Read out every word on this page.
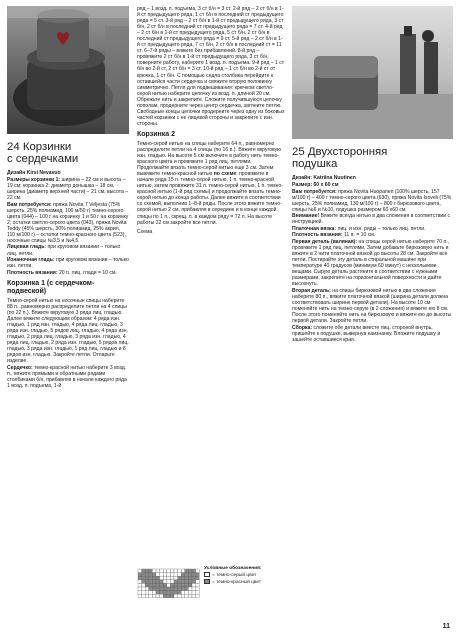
24 Корзинки
с сердечками

Дизайн Kirsi Nevavuo

Размеры корзинки 1: ширина – 22 см и высота – 19 см; корзинка 2: диаметр донышка – 18 см, ширина (диаметр верхней части) – 21 см, высота – 22 см.

Вам потребуется: пряжа Novita 7 Veljesta (75% шерсть, 25% полиамид, 100 м/50 г) темно-серого цвета (044) – 100 г на корзинку 1 и 50 г на корзинку 2; остатки светло-серого цвета (043), пряжа Novita Teddy (45% шерсть, 30% полиамид, 25% акрил, 110 м/100 г) – остатки темно-красного цвета (523), носочные спицы №3,5 и №4,5.

Лицевая гладь: при круговом вязании – только лиц. петли.

Изнаночная гладь: при круговом вязании – только изн. петли.

Плотность вязания: 20 п. лиц. глади = 10 см.

Корзинка 1 (с сердечком-подвеской)

Темно-серой нитью на носочные спицы наберите 88 п., равномерно распределите петли на 4 спицы (по 22 п.). Вяжите вкруговую 3 ряда лиц. гладью. Далее вяжите следующим образом: 4 ряда изн. гладью, 1 ряд изн. гладью, 4 ряда лиц. гладью, 3 ряда изн. гладью, 5 рядов лиц. гладью, 4 ряда изн. гладью, 2 ряда лиц. гладью, 3 ряда изн. гладью, 4 ряда лиц. гладью, 2 ряда изн. гладью, 5 рядов лиц. гладью, 3 ряда изн. гладью, 1 ряд лиц. гладью и 8 рядов изн. гладью. Закройте петли. Отпарьте изделие.

Сердечко: темно-красной нитью наберите 3 возд. п., вяжите прямыми и обратными рядами столбиками б/н, прибавляя в начале каждого ряда 1 возд. п. подъема, 1-й

ряд – 1 возд. п. подъема, 3 ст б/н = 3 ст. 2-й ряд – 2 ст б/н в 1-й ст предыдущего ряда, 1 ст б/н в последний ст предыдущего ряда = 5 ст. 3-й ряд – 2 ст б/н в 1-й ст предыдущего ряда, 3 ст б/н, 2 ст б/н в последний ст предыдущего ряда = 7 ст. 4-й ряд – 2 ст б/н в 1-й ст предыдущего ряда, 5 ст б/н, 2 ст б/н в последний ст предыдущего ряда = 9 ст. 5-й ряд – 2 ст б/н в 1-й ст предыдущего ряда, 7 ст б/н, 2 ст б/н в последний ст = 11 ст. 6–7-й ряды – вяжите без прибавлений. 8-й ряд – провяжите 2 ст б/н в 1-й ст предыдущего ряда, 3 ст б/н, поверните работу, наберите 1 возд. п. подъема. 9-й ряд – 1 ст б/н во 2-й ст, 2 ст б/н = 3 ст. 10-й ряд – 1 ст б/н во 2-й ст от крючка, 1 ст б/н. С помощью седла столбика перейдите к оставшейся части сердечка и свяжите вторую половинку симметрично. Петля для подвешивания: крючком светло-серой нитью наберите цепочку из возд. п. длиной 20 см. Обрежьте нить и закрепите. Сложите получившуюся цепочку пополам, продерните через центр сердечка, затяните петлю. Свободные концы цепочки продерните через одну из боковых частей корзинки с ее лицевой стороны и закрепите с изн. стороны.

Корзинка 2

Темно-серой нитью на спицы наберите 64 п., равномерно распределите петли на 4 спицы (по 16 п.). Вяжите вкруговую изн. гладью. На высоте 5 см включите в работу нить темно-красного цвета и провяжите 1 ряд лиц. петлями. Продолжайте вязать темно-серой нитью еще 3 см. Затем вывяжите темно-красной нитью по схеме: провяжите в начале ряда 15 п. темно-серой нитью, 1 п. темно-красной нитью, затем провяжите 31 п. темно-серой нитью, 1 п. темно-красной нитью (1-й ряд схемы) и продолжайте вязать темно-серой нитью до конца работы. Далее вяжите в соответствии со схемой, выполнив 1–8-й ряды. После этого вяжите темно-серой нитью 2 см, прибавляя в середине и в конце каждой спицы по 1 п., скрещ. п. в каждом ряду = 72 п. На высоте работы 22 см закройте все петли.

Схема
Условные обозначения:
= темно-серый цвет
= темно-красный цвет
25 Двухсторонняя
подушка

Дизайн: Katriina Nuutinen

Размер: 60 х 60 см

Вам потребуется: пряжа Novita Huopanen (100% шерсть, 157 м/100 г) – 400 г темно-серого цвета (630), пряжа Novita Isoveli (75% шерсть, 25% полиамид, 130 м/100 г) – 800 г бирюзового цвета, спицы №6 и №10, подушка размером 60 х60 см.

Внимание! Вяжите всегда нитью в два сложения в соответствии с инструкцией.

Платочная вязка: лиц. и изн. ряды – только лиц. петли.

Плотность вязания: 11 п. = 10 см.

Первая деталь (валяная): на спицы серой нитью наберите 70 п., провяжите 1 ряд лиц. петлями. Затем добавьте бирюзовую нить и вяжите в 2 нити платочной вязкой до высоты 28 см. Закройте все петли. Постирайте эту деталь в стиральной машине при температуре 40 градусов (минимум 60 минут) с несколькими вещами. Сырую деталь растяните в соответствии с нужными размерами, закрепите на горизонтальной поверхности и дайте высохнуть.

Вторая деталь: на спицы бирюзовой нитью в два сложения наберите 80 п., вяжите платочной вязкой (ширина детали должна соответствовать ширине первой детали). На высоте 10 см поменяйте нить на темно-серую (в 2 сложения) и вяжите ею 8 см. После этого поменяйте нить на бирюзовую и вяжите ею до высоты первой детали. Закройте петли.

Сборка: сложите обе детали вместе лиц. стороной внутрь, пришейте к подушке, вывернув наизнанку. Вложите подушку и зашейте оставшиеся края.

11
